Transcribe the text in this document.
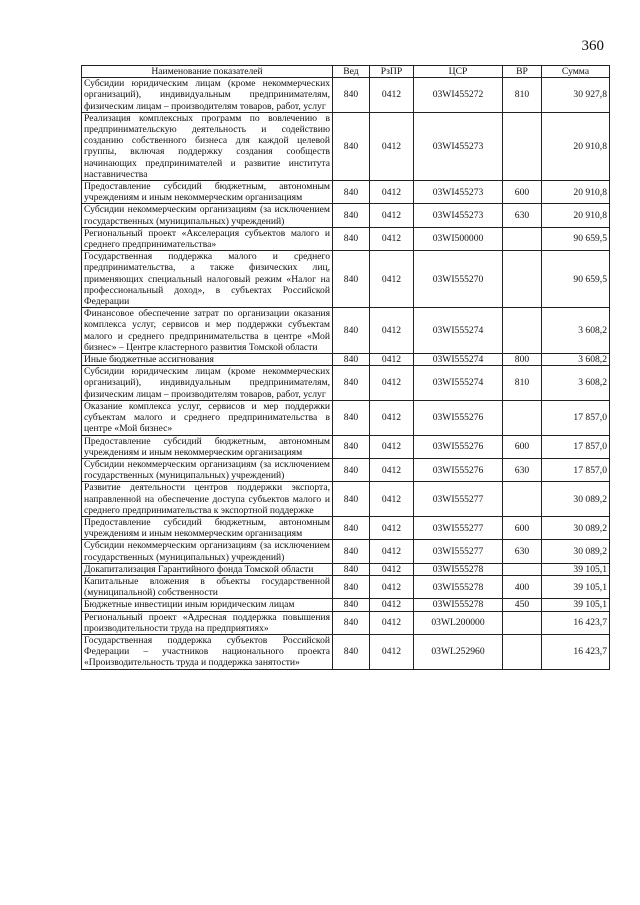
360
Наименование показателей	Вед	РзПР	ЦСР	ВР	Сумма
Субсидии юридическим лицам (кроме некоммерческих организаций), индивидуальным предпринимателям, физическим лицам – производителям товаров, работ, услуг	840	0412	03WI455272	810	30 927,8
Реализация комплексных программ по вовлечению в предпринимательскую деятельность и содействию созданию собственного бизнеса для каждой целевой группы, включая поддержку создания сообществ начинающих предпринимателей и развитие института наставничества	840	0412	03WI455273		20 910,8
Предоставление субсидий бюджетным, автономным учреждениям и иным некоммерческим организациям	840	0412	03WI455273	600	20 910,8
Субсидии некоммерческим организациям (за исключением государственных (муниципальных) учреждений)	840	0412	03WI455273	630	20 910,8
Региональный проект «Акселерация субъектов малого и среднего предпринимательства»	840	0412	03WI500000		90 659,5
Государственная поддержка малого и среднего предпринимательства, а также физических лиц, применяющих специальный налоговый режим «Налог на профессиональный доход», в субъектах Российской Федерации	840	0412	03WI555270		90 659,5
Финансовое обеспечение затрат по организации оказания комплекса услуг, сервисов и мер поддержки субъектам малого и среднего предпринимательства в центре «Мой бизнес» – Центре кластерного развития Томской области	840	0412	03WI555274		3 608,2
Иные бюджетные ассигнования	840	0412	03WI555274	800	3 608,2
Субсидии юридическим лицам (кроме некоммерческих организаций), индивидуальным предпринимателям, физическим лицам – производителям товаров, работ, услуг	840	0412	03WI555274	810	3 608,2
Оказание комплекса услуг, сервисов и мер поддержки субъектам малого и среднего предпринимательства в центре «Мой бизнес»	840	0412	03WI555276		17 857,0
Предоставление субсидий бюджетным, автономным учреждениям и иным некоммерческим организациям	840	0412	03WI555276	600	17 857,0
Субсидии некоммерческим организациям (за исключением государственных (муниципальных) учреждений)	840	0412	03WI555276	630	17 857,0
Развитие деятельности центров поддержки экспорта, направленной на обеспечение доступа субъектов малого и среднего предпринимательства к экспортной поддержке	840	0412	03WI555277		30 089,2
Предоставление субсидий бюджетным, автономным учреждениям и иным некоммерческим организациям	840	0412	03WI555277	600	30 089,2
Субсидии некоммерческим организациям (за исключением государственных (муниципальных) учреждений)	840	0412	03WI555277	630	30 089,2
Докапитализация Гарантийного фонда Томской области	840	0412	03WI555278		39 105,1
Капитальные вложения в объекты государственной (муниципальной) собственности	840	0412	03WI555278	400	39 105,1
Бюджетные инвестиции иным юридическим лицам	840	0412	03WI555278	450	39 105,1
Региональный проект «Адресная поддержка повышения производительности труда на предприятиях»	840	0412	03WL200000		16 423,7
Государственная поддержка субъектов Российской Федерации – участников национального проекта «Производительность труда и поддержка занятости»	840	0412	03WL252960		16 423,7
